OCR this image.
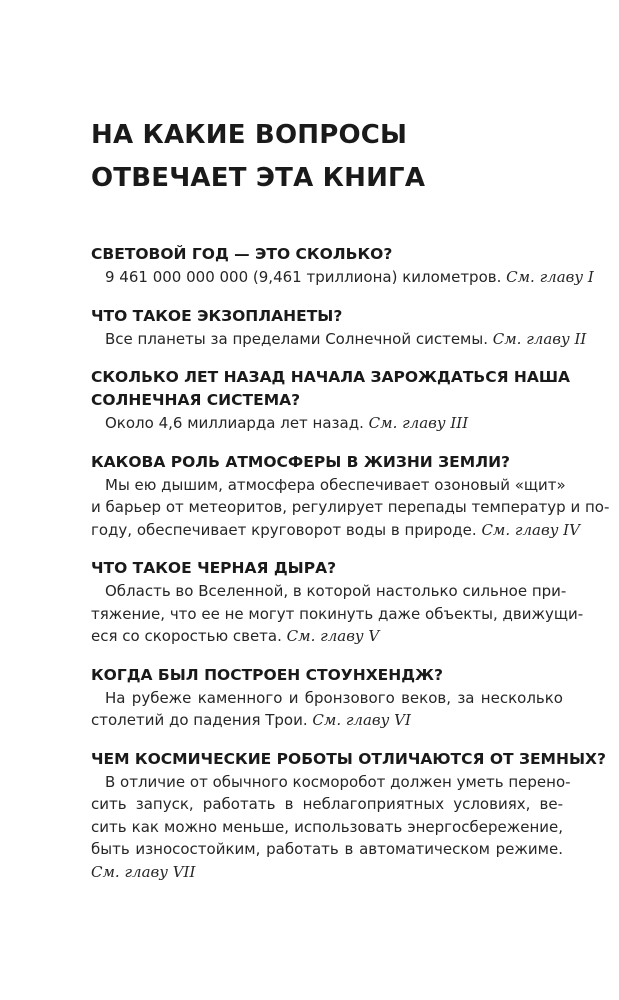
НА КАКИЕ ВОПРОСЫ
ОТВЕЧАЕТ ЭТА КНИГА
СВЕТОВОЙ ГОД — ЭТО СКОЛЬКО?
9 461 000 000 000 (9,461 триллиона) километров. См. главу I
ЧТО ТАКОЕ ЭКЗОПЛАНЕТЫ?
Все планеты за пределами Солнечной системы. См. главу II
СКОЛЬКО ЛЕТ НАЗАД НАЧАЛА ЗАРОЖДАТЬСЯ НАША
СОЛНЕЧНАЯ СИСТЕМА?
Около 4,6 миллиарда лет назад. См. главу III
КАКОВА РОЛЬ АТМОСФЕРЫ В ЖИЗНИ ЗЕМЛИ?
Мы ею дышим, атмосфера обеспечивает озоновый «щит»
и барьер от метеоритов, регулирует перепады температур и по-
году, обеспечивает круговорот воды в природе. См. главу IV
ЧТО ТАКОЕ ЧЕРНАЯ ДЫРА?
Область во Вселенной, в которой настолько сильное при-
тяжение, что ее не могут покинуть даже объекты, движущи-
еся со скоростью света. См. главу V
КОГДА БЫЛ ПОСТРОЕН СТОУНХЕНДЖ?
На рубеже каменного и бронзового веков, за несколько
столетий до падения Трои. См. главу VI
ЧЕМ КОСМИЧЕСКИЕ РОБОТЫ ОТЛИЧАЮТСЯ ОТ ЗЕМНЫХ?
В отличие от обычного косморобот должен уметь перено-
сить запуск, работать в неблагоприятных условиях, ве-
сить как можно меньше, использовать энергосбережение,
быть износостойким, работать в автоматическом режиме.
См. главу VII
